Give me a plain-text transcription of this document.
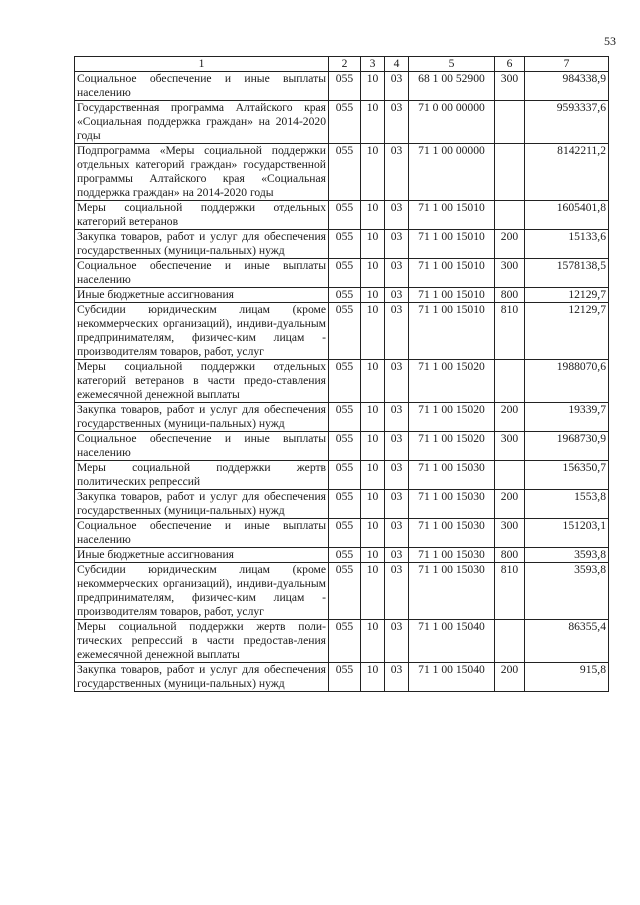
53
1	2	3	4	5	6	7
Социальное обеспечение и иные выплаты населению	055	10	03	68 1 00 52900	300	984338,9
Государственная программа Алтайского края «Социальная поддержка граждан» на 2014-2020 годы	055	10	03	71 0 00 00000		9593337,6
Подпрограмма «Меры социальной поддержки отдельных категорий граждан» государственной программы Алтайского края «Социальная поддержка граждан» на 2014-2020 годы	055	10	03	71 1 00 00000		8142211,2
Меры социальной поддержки отдельных категорий ветеранов	055	10	03	71 1 00 15010		1605401,8
Закупка товаров, работ и услуг для обеспечения государственных (муници-пальных) нужд	055	10	03	71 1 00 15010	200	15133,6
Социальное обеспечение и иные выплаты населению	055	10	03	71 1 00 15010	300	1578138,5
Иные бюджетные ассигнования	055	10	03	71 1 00 15010	800	12129,7
Субсидии юридическим лицам (кроме некоммерческих организаций), индиви-дуальным предпринимателям, физичес-ким лицам - производителям товаров, работ, услуг	055	10	03	71 1 00 15010	810	12129,7
Меры социальной поддержки отдельных категорий ветеранов в части предо-ставления ежемесячной денежной выплаты	055	10	03	71 1 00 15020		1988070,6
Закупка товаров, работ и услуг для обеспечения государственных (муници-пальных) нужд	055	10	03	71 1 00 15020	200	19339,7
Социальное обеспечение и иные выплаты населению	055	10	03	71 1 00 15020	300	1968730,9
Меры социальной поддержки жертв политических репрессий	055	10	03	71 1 00 15030		156350,7
Закупка товаров, работ и услуг для обеспечения государственных (муници-пальных) нужд	055	10	03	71 1 00 15030	200	1553,8
Социальное обеспечение и иные выплаты населению	055	10	03	71 1 00 15030	300	151203,1
Иные бюджетные ассигнования	055	10	03	71 1 00 15030	800	3593,8
Субсидии юридическим лицам (кроме некоммерческих организаций), индиви-дуальным предпринимателям, физичес-ким лицам - производителям товаров, работ, услуг	055	10	03	71 1 00 15030	810	3593,8
Меры социальной поддержки жертв поли-тических репрессий в части предостав-ления ежемесячной денежной выплаты	055	10	03	71 1 00 15040		86355,4
Закупка товаров, работ и услуг для обеспечения государственных (муници-пальных) нужд	055	10	03	71 1 00 15040	200	915,8
